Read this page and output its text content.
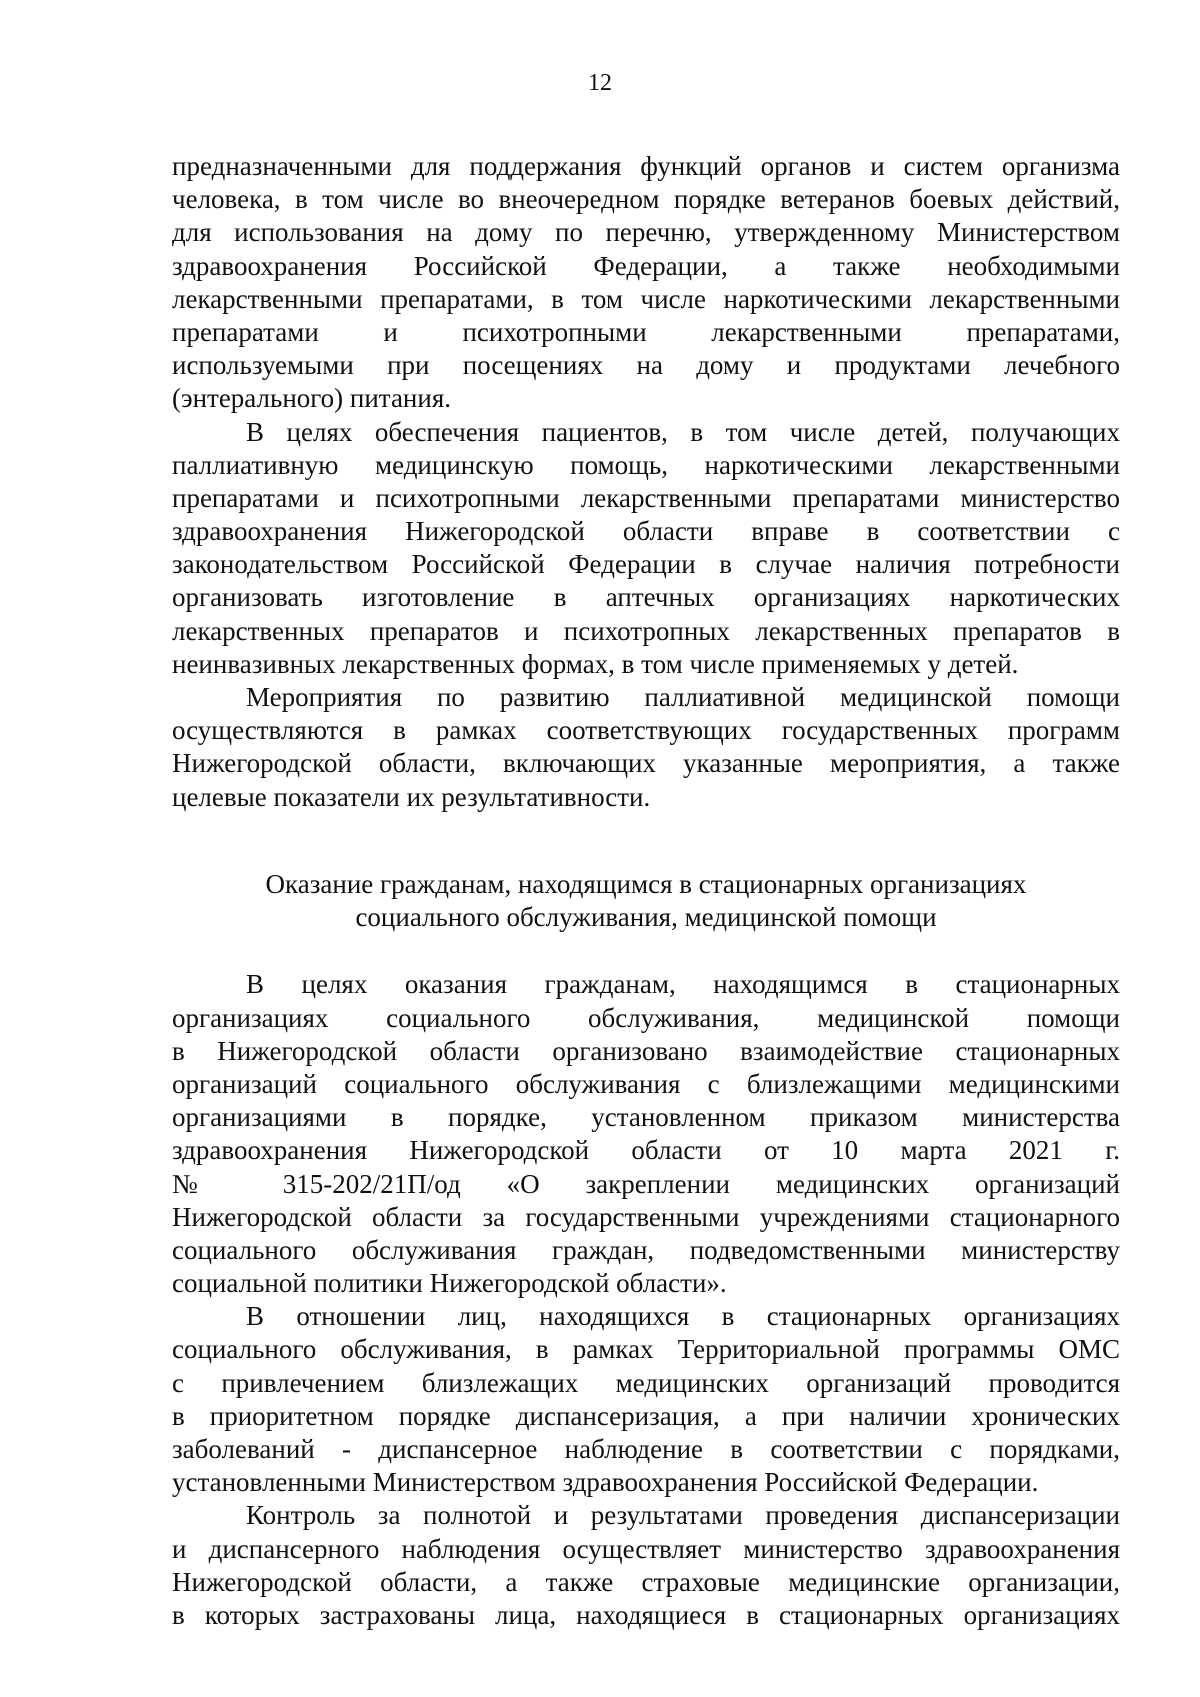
12
предназначенными для поддержания функций органов и систем организма
человека, в том числе во внеочередном порядке ветеранов боевых действий,
для использования на дому по перечню, утвержденному Министерством
здравоохранения Российской Федерации, а также необходимыми
лекарственными препаратами, в том числе наркотическими лекарственными
препаратами и психотропными лекарственными препаратами,
используемыми при посещениях на дому и продуктами лечебного
(энтерального) питания.
В целях обеспечения пациентов, в том числе детей, получающих
паллиативную медицинскую помощь, наркотическими лекарственными
препаратами и психотропными лекарственными препаратами министерство
здравоохранения Нижегородской области вправе в соответствии с
законодательством Российской Федерации в случае наличия потребности
организовать изготовление в аптечных организациях наркотических
лекарственных препаратов и психотропных лекарственных препаратов в
неинвазивных лекарственных формах, в том числе применяемых у детей.
Мероприятия по развитию паллиативной медицинской помощи
осуществляются в рамках соответствующих государственных программ
Нижегородской области, включающих указанные мероприятия, а также
целевые показатели их результативности.
Оказание гражданам, находящимся в стационарных организациях
социального обслуживания, медицинской помощи
В целях оказания гражданам, находящимся в стационарных
организациях социального обслуживания, медицинской помощи
в Нижегородской области организовано взаимодействие стационарных
организаций социального обслуживания с близлежащими медицинскими
организациями в порядке, установленном приказом министерства
здравоохранения Нижегородской области от 10 марта 2021 г.
№ 315-202/21П/од «О закреплении медицинских организаций
Нижегородской области за государственными учреждениями стационарного
социального обслуживания граждан, подведомственными министерству
социальной политики Нижегородской области».
В отношении лиц, находящихся в стационарных организациях
социального обслуживания, в рамках Территориальной программы ОМС
с привлечением близлежащих медицинских организаций проводится
в приоритетном порядке диспансеризация, а при наличии хронических
заболеваний - диспансерное наблюдение в соответствии с порядками,
установленными Министерством здравоохранения Российской Федерации.
Контроль за полнотой и результатами проведения диспансеризации
и диспансерного наблюдения осуществляет министерство здравоохранения
Нижегородской области, а также страховые медицинские организации,
в которых застрахованы лица, находящиеся в стационарных организациях
